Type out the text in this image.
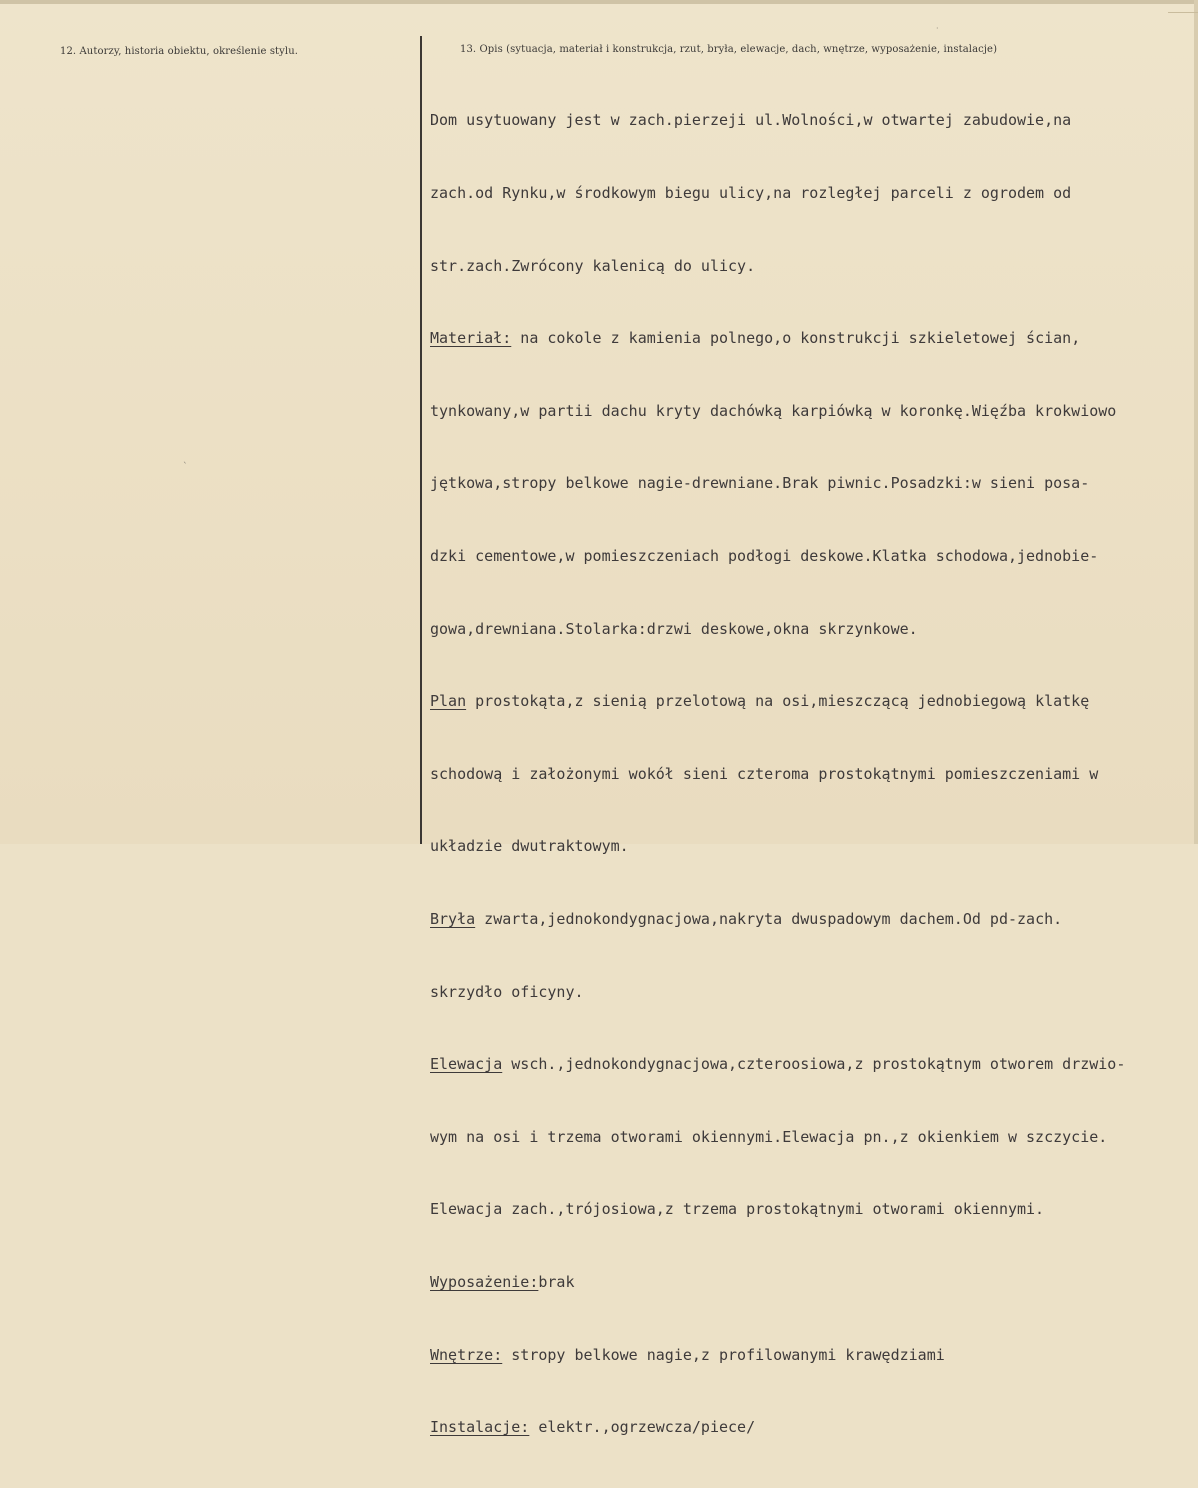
12. Autorzy, historia obiektu, określenie stylu.	13. Opis (sytuacja, materiał i konstrukcja, rzut, bryła, elewacje, dach, wnętrze, wyposażenie, instalacje)
ˋ
·

Dom usytuowany jest w zach.pierzeji ul.Wolności,w otwartej zabudowie,na

zach.od Rynku,w środkowym biegu ulicy,na rozległej parceli z ogrodem od

str.zach.Zwrócony kalenicą do ulicy.

Materiał: na cokole z kamienia polnego,o konstrukcji szkieletowej ścian,

tynkowany,w partii dachu kryty dachówką karpiówką w koronkę.Więźba krokwiowo

jętkowa,stropy belkowe nagie-drewniane.Brak piwnic.Posadzki:w sieni posa-

dzki cementowe,w pomieszczeniach podłogi deskowe.Klatka schodowa,jednobie-

gowa,drewniana.Stolarka:drzwi deskowe,okna skrzynkowe.

Plan prostokąta,z sienią przelotową na osi,mieszczącą jednobiegową klatkę

schodową i założonymi wokół sieni czteroma prostokątnymi pomieszczeniami w

układzie dwutraktowym.

Bryła zwarta,jednokondygnacjowa,nakryta dwuspadowym dachem.Od pd-zach.

skrzydło oficyny.

Elewacja wsch.,jednokondygnacjowa,czteroosiowa,z prostokątnym otworem drzwio-

wym na osi i trzema otworami okiennymi.Elewacja pn.,z okienkiem w szczycie.

Elewacja zach.,trójosiowa,z trzema prostokątnymi otworami okiennymi.

Wyposażenie:brak

Wnętrze: stropy belkowe nagie,z profilowanymi krawędziami

Instalacje: elektr.,ogrzewcza/piece/
